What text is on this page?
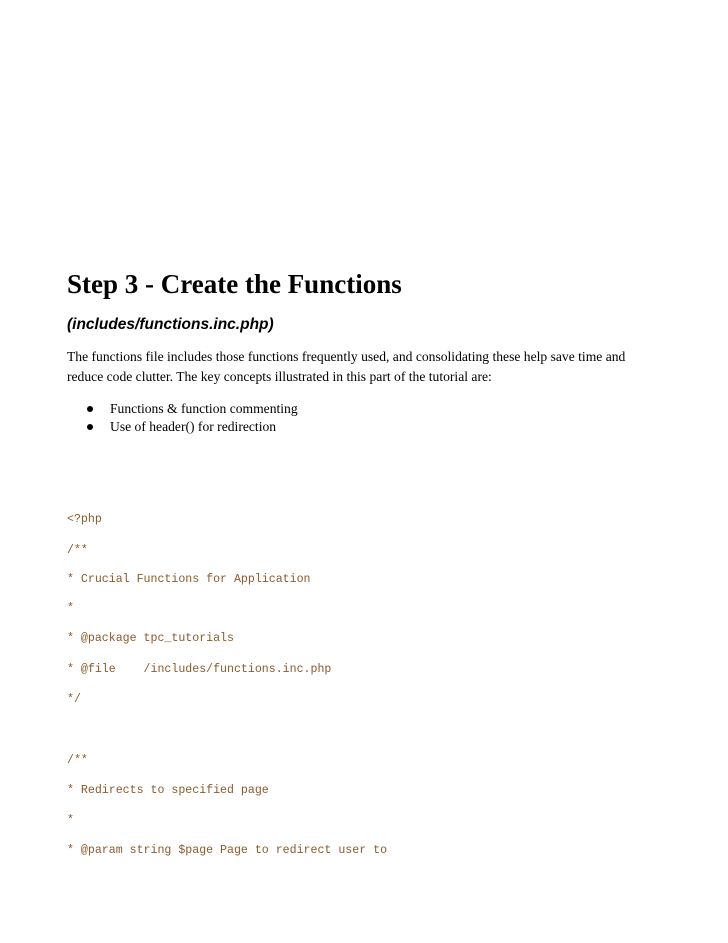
Step 3 - Create the Functions
(includes/functions.inc.php)

The functions file includes those functions frequently used, and consolidating these help save time and
reduce code clutter. The key concepts illustrated in this part of the tutorial are:

Functions & function commenting
Use of header() for redirection
<?php
/**
* Crucial Functions for Application
*
* @package tpc_tutorials
* @file    /includes/functions.inc.php
*/
/**
* Redirects to specified page
*
* @param string $page Page to redirect user to
